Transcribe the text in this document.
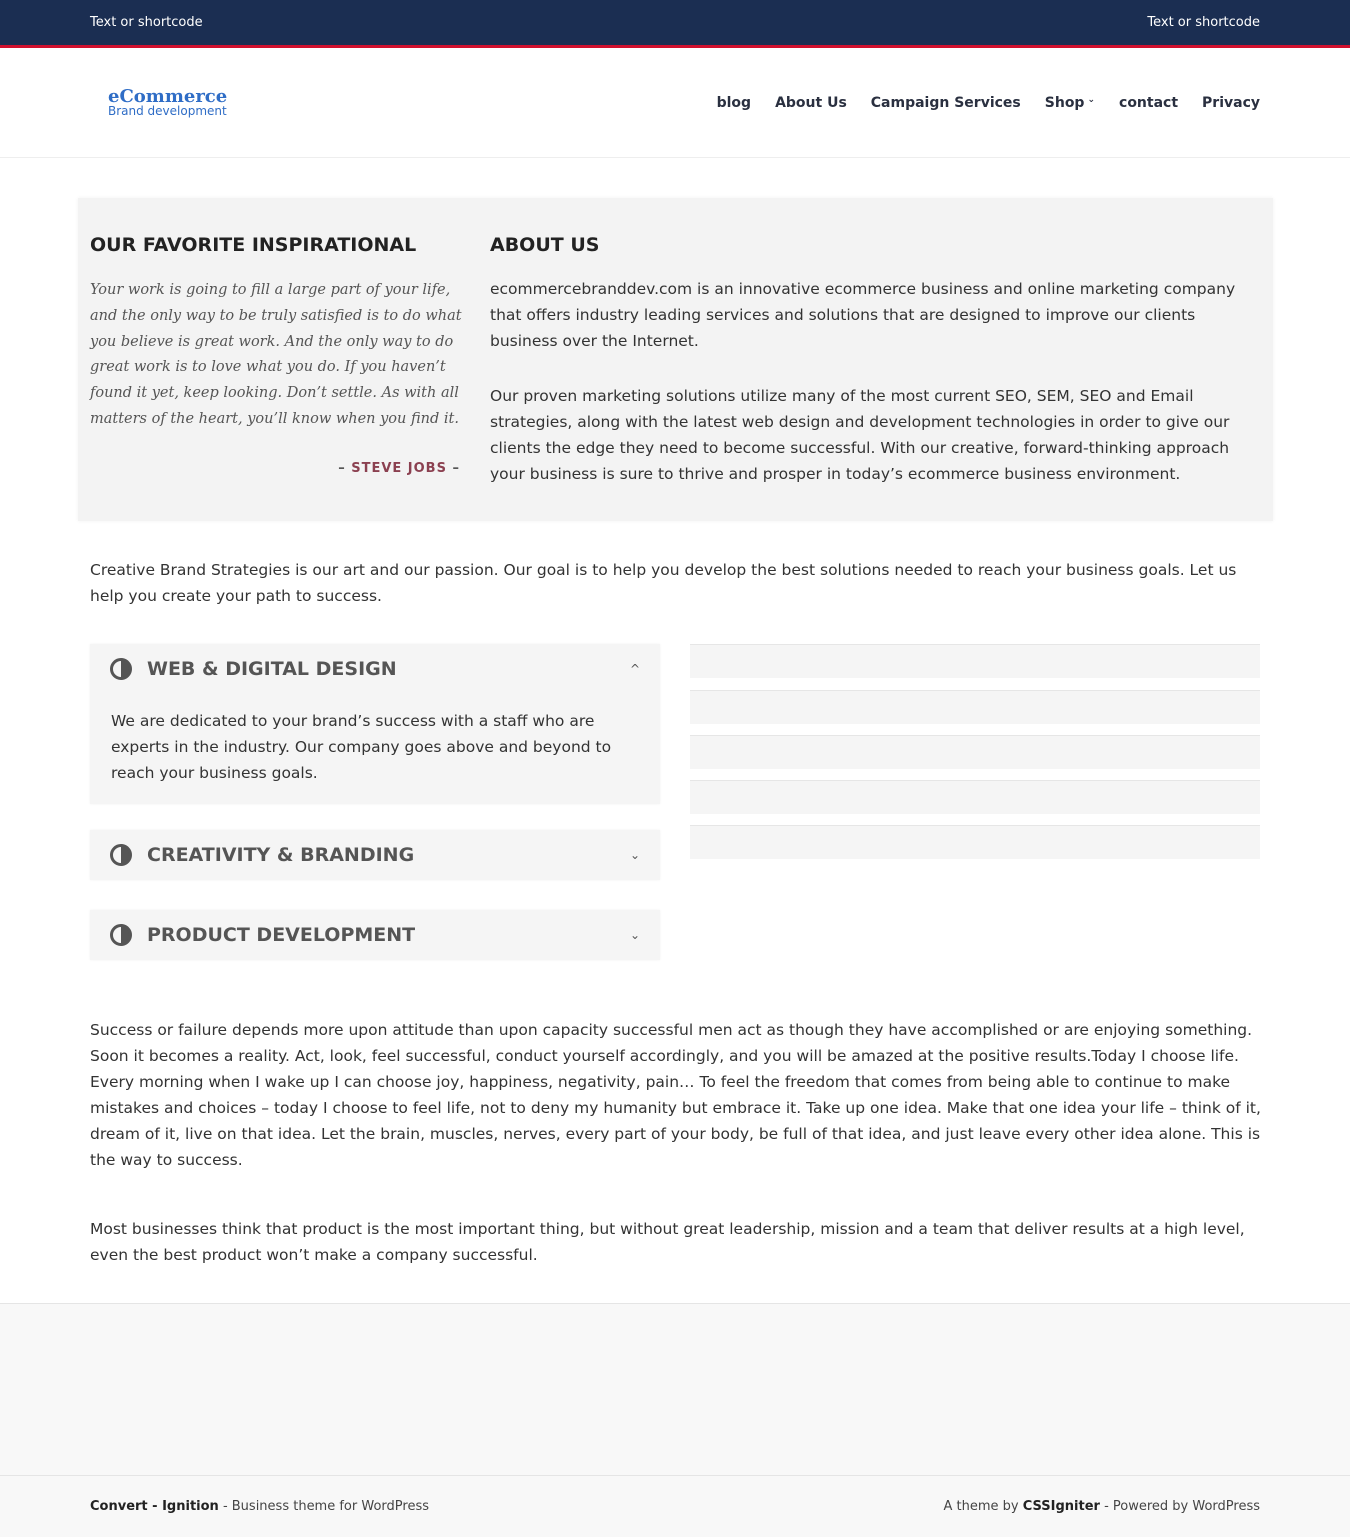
Text or shortcode	Text or shortcode
eCommerce
Brand development
blog About Us Campaign Services Shop ⌄ contact Privacy
OUR FAVORITE INSPIRATIONAL
Your work is going to fill a large part of your life, and the only way to be truly satisfied is to do what you believe is great work. And the only way to do great work is to love what you do. If you haven’t found it yet, keep looking. Don’t settle. As with all matters of the heart, you’ll know when you find it.
– STEVE JOBS –
ABOUT US

ecommercebranddev.com is an innovative ecommerce business and online marketing company that offers industry leading services and solutions that are designed to improve our clients business over the Internet.

Our proven marketing solutions utilize many of the most current SEO, SEM, SEO and Email strategies, along with the latest web design and development technologies in order to give our clients the edge they need to become successful. With our creative, forward-thinking approach your business is sure to thrive and prosper in today’s ecommerce business environment.

Creative Brand Strategies is our art and our passion. Our goal is to help you develop the best solutions needed to reach your business goals. Let us help you create your path to success.
WEB & DIGITAL DESIGN	^
We are dedicated to your brand’s success with a staff who are experts in the industry. Our company goes above and beyond to reach your business goals.
CREATIVITY & BRANDING	⌄
PRODUCT DEVELOPMENT	⌄
Success or failure depends more upon attitude than upon capacity successful men act as though they have accomplished or are enjoying something. Soon it becomes a reality. Act, look, feel successful, conduct yourself accordingly, and you will be amazed at the positive results.Today I choose life. Every morning when I wake up I can choose joy, happiness, negativity, pain… To feel the freedom that comes from being able to continue to make mistakes and choices – today I choose to feel life, not to deny my humanity but embrace it. Take up one idea. Make that one idea your life – think of it, dream of it, live on that idea. Let the brain, muscles, nerves, every part of your body, be full of that idea, and just leave every other idea alone. This is the way to success.
Most businesses think that product is the most important thing, but without great leadership, mission and a team that deliver results at a high level, even the best product won’t make a company successful.
Convert - Ignition - Business theme for WordPress	A theme by CSSIgniter - Powered by WordPress
